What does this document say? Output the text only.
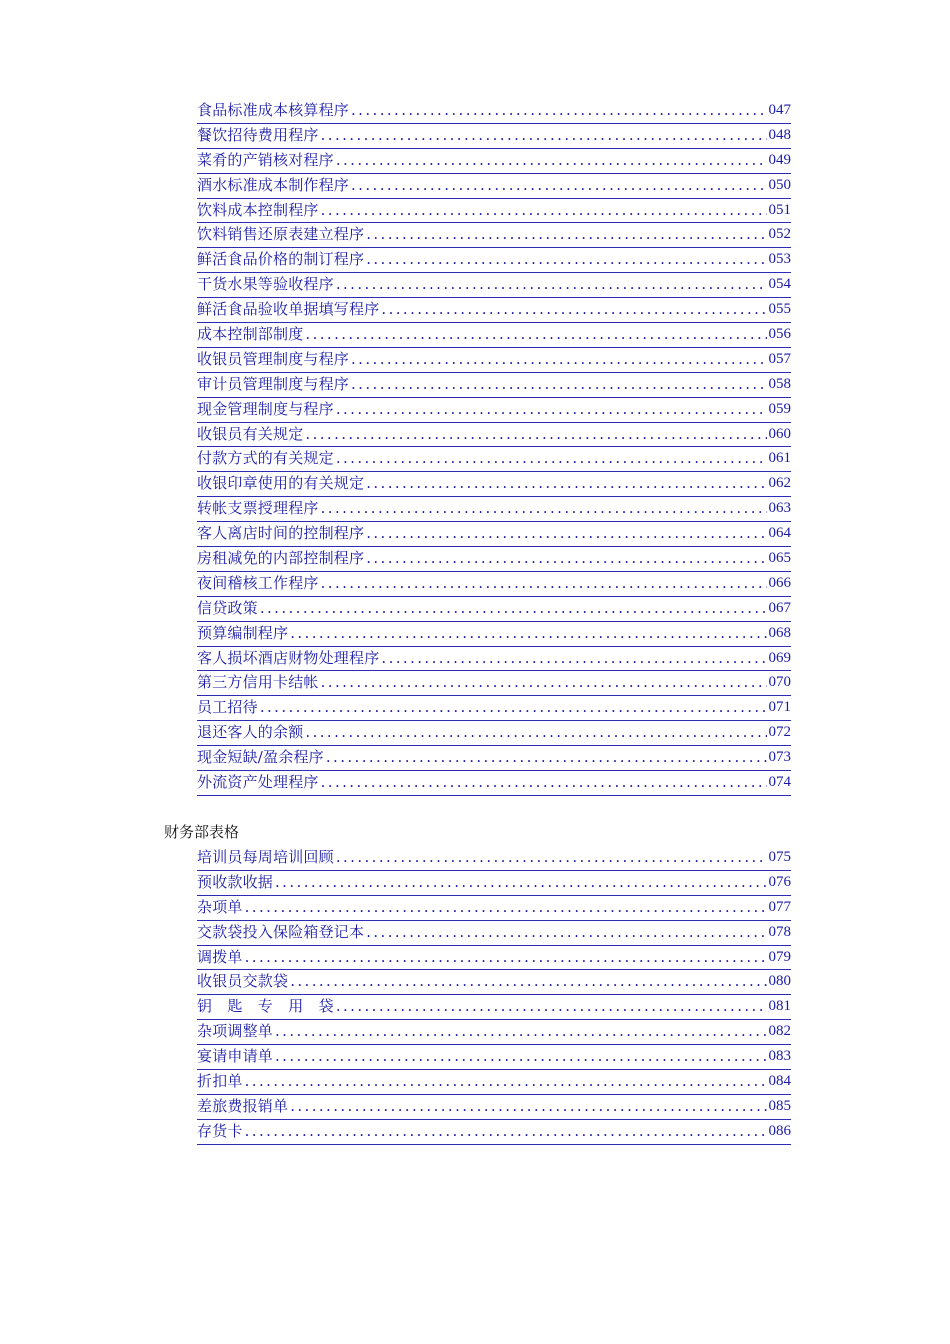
食品标准成本核算程序 .....	047
餐饮招待费用程序 .....	048
菜肴的产销核对程序 .....	049
酒水标准成本制作程序 .....	050
饮料成本控制程序 .....	051
饮料销售还原表建立程序 .....	052
鲜活食品价格的制订程序 .....	053
干货水果等验收程序 .....	054
鲜活食品验收单据填写程序 .....	055
成本控制部制度 .....	056
收银员管理制度与程序 .....	057
审计员管理制度与程序 .....	058
现金管理制度与程序 .....	059
收银员有关规定 .....	060
付款方式的有关规定 .....	061
收银印章使用的有关规定 .....	062
转帐支票授理程序 .....	063
客人离店时间的控制程序 .....	064
房租减免的内部控制程序 .....	065
夜间稽核工作程序 .....	066
信贷政策 .....	067
预算编制程序 .....	068
客人损坏酒店财物处理程序 .....	069
第三方信用卡结帐 .....	070
员工招待 .....	071
退还客人的余额 .....	072
现金短缺/盈余程序 .....	073
外流资产处理程序 .....	074
财务部表格
培训员每周培训回顾 .....	075
预收款收据 .....	076
杂项单 .....	077
交款袋投入保险箱登记本 .....	078
调拨单 .....	079
收银员交款袋 .....	080
钥　匙　专　用　袋 .....	081
杂项调整单 .....	082
宴请申请单 .....	083
折扣单 .....	084
差旅费报销单 .....	085
存货卡 .....	086
